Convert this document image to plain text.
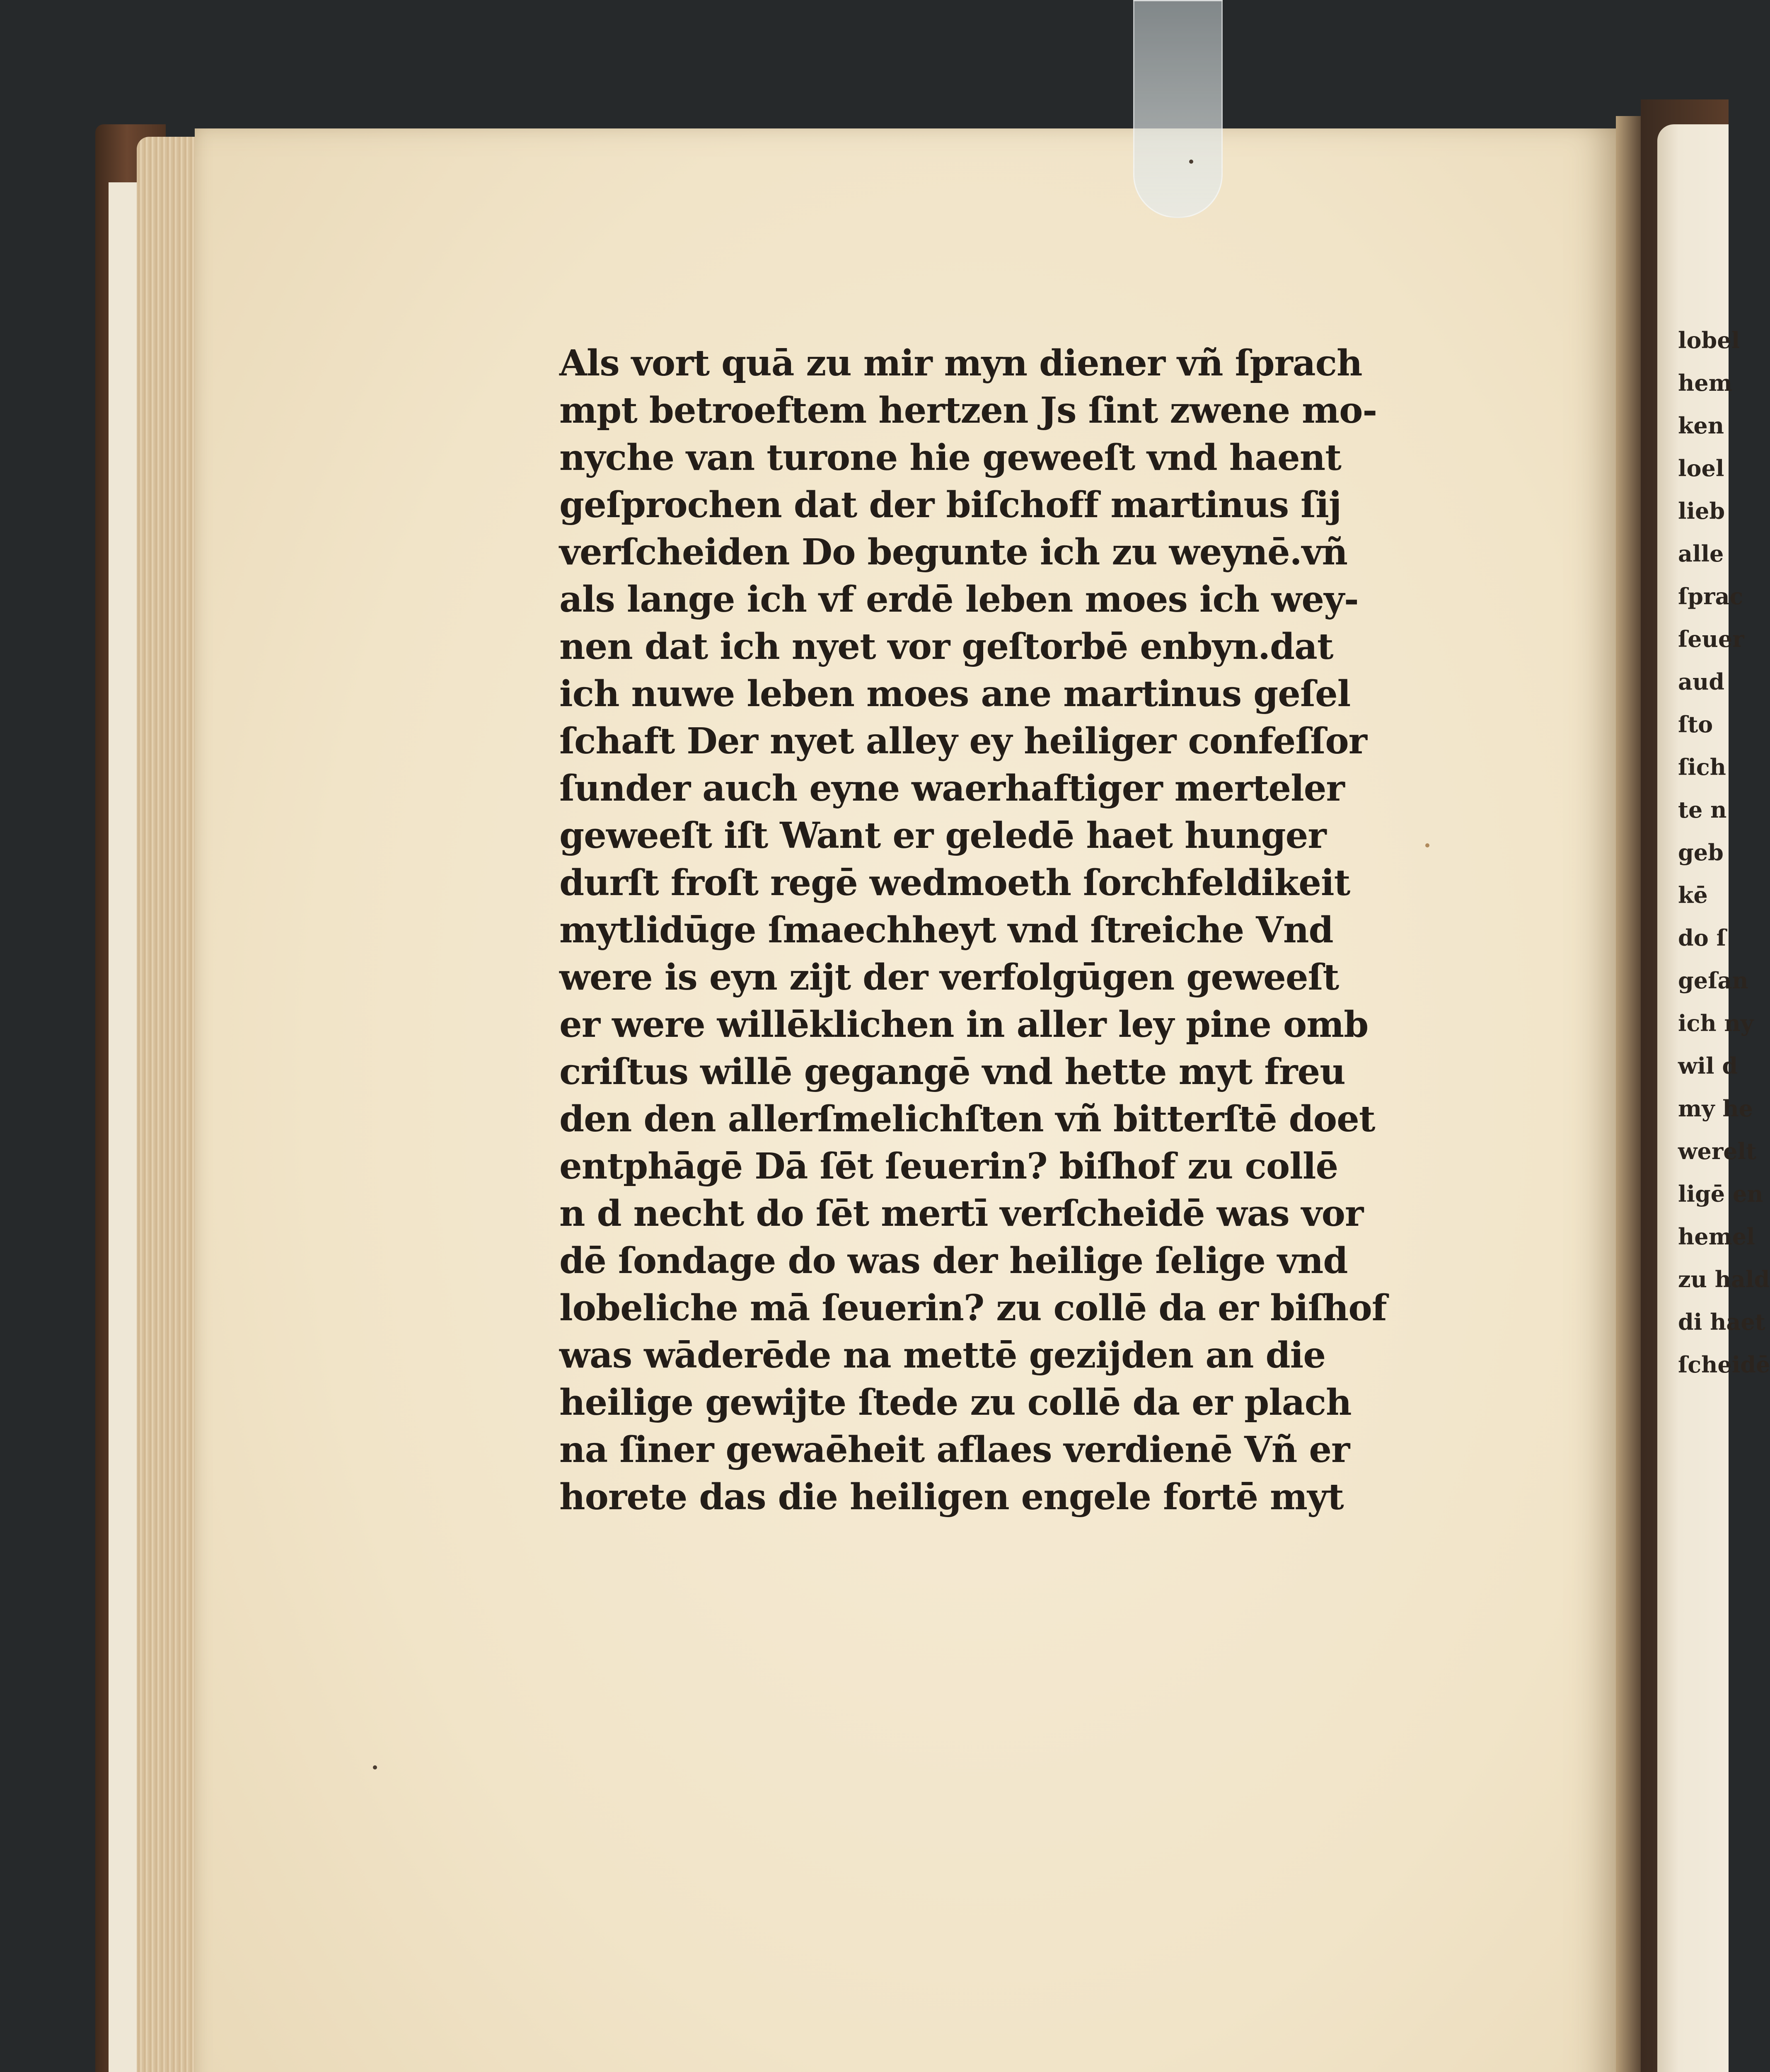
Als vort quā zu mir myn diener vñ ſprach
mpt betroeftem hertzen Js ſint zwene mo-
nyche van turone hie geweeſt vnd haent
geſprochen dat der biſchoff martinus ſij
verſcheiden Do begunte ich zu weynē.vñ
als lange ich vf erdē leben moes ich wey-
nen dat ich nyet vor geſtorbē enbyn.dat
ich nuwe leben moes ane martinus geſel
ſchaft Der nyet alley ey heiliger confeſſor
ſunder auch eyne waerhaftiger merteler
geweeſt iſt Want er geledē haet hunger
durſt froſt regē wedmoeth ſorchfeldikeit
mytlidūge ſmaechheyt vnd ſtreiche Vnd
were is eyn zijt der verfolgūgen geweeſt
er were willēklichen in aller ley pine omb
criſtus willē gegangē vnd hette myt freu
den den allerſmelichſten vñ bitterſtē doet
entphāgē Dā ſēt ſeuerin? biſhof zu collē
n d necht do ſēt mertī verſcheidē was vor
dē ſondage do was der heilige ſelige vnd
lobeliche mā ſeuerin? zu collē da er biſhof
was wāderēde na mettē gezijden an die
heilige gewijte ſtede zu collē da er plach
na ſiner gewaēheit aflaes verdienē Vñ er
horete das die heiligen engele fortē myt
lobel
hem
ken
loel
lieb
alle
ſprac
ſeuer
aud
ſto
ſich
te n
geb
kē
do ſ
geſan
ich ny
wil d
my he
werelt
ligē en
hemel
zu hald
di haet
ſcheidē
